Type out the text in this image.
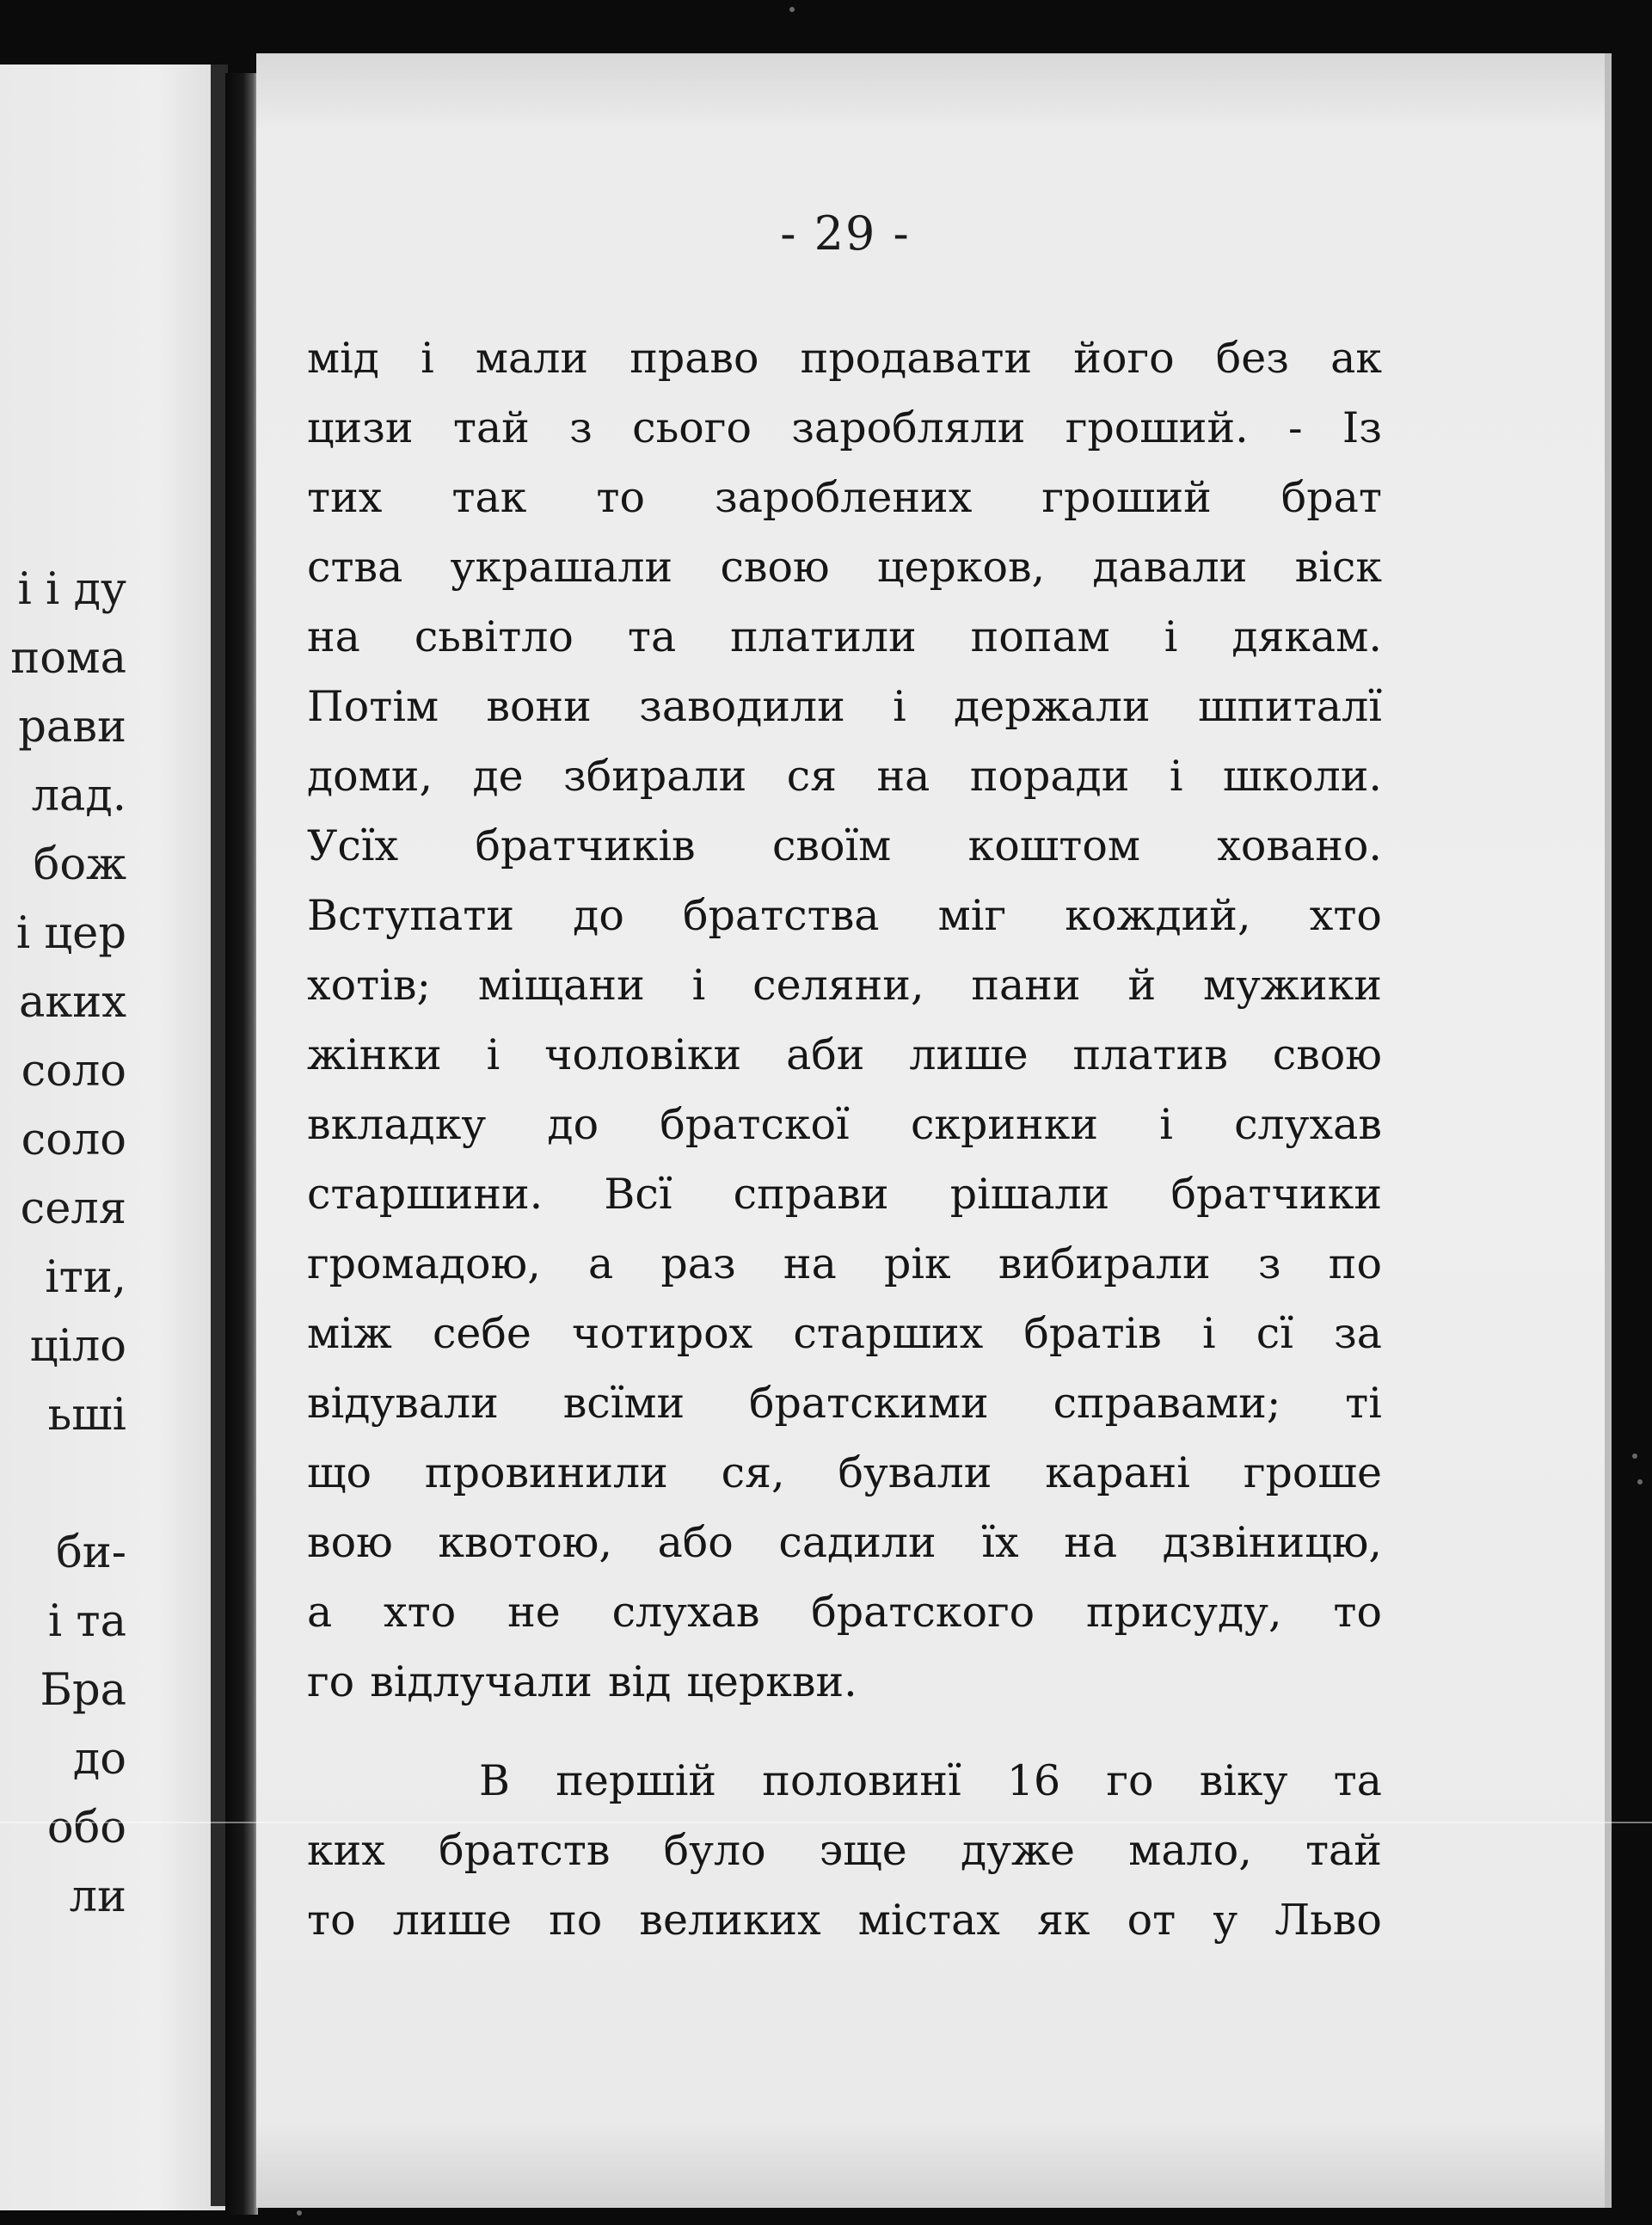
і і ду
пома
рави
лад.
бож
і цер
аких
соло
соло
селя
іти,
ціло
ьші
би-
і та
Бра
до
обо
ли
- 29 -
мід і мали право продавати його без ак
цизи тай з сього заробляли гроший. - Із
тих так то зароблених гроший брат
ства украшали свою церков, давали віск
на сьвітло та платили попам і дякам.
Потім вони заводили і держали шпиталї
доми, де збирали ся на поради і школи.
Усїх братчиків своїм коштом ховано.
Вступати до братства міг кождий, хто
хотів; міщани і селяни, пани й мужики
жінки і чоловіки аби лише платив свою
вкладку до братскої скринки і слухав
старшини. Всї справи рішали братчики
громадою, а раз на рік вибирали з по
між себе чотирох старших братів і сї за
відували всїми братскими справами; ті
що провинили ся, бували карані грошe
вою квотою, або садили їх на дзвіницю,
а хто не слухав братского присуду, то
го відлучали від церкви.
В першій половинї 16 го віку та
ких братств було эще дуже мало, тай
то лише по великих містах як от у Льво
